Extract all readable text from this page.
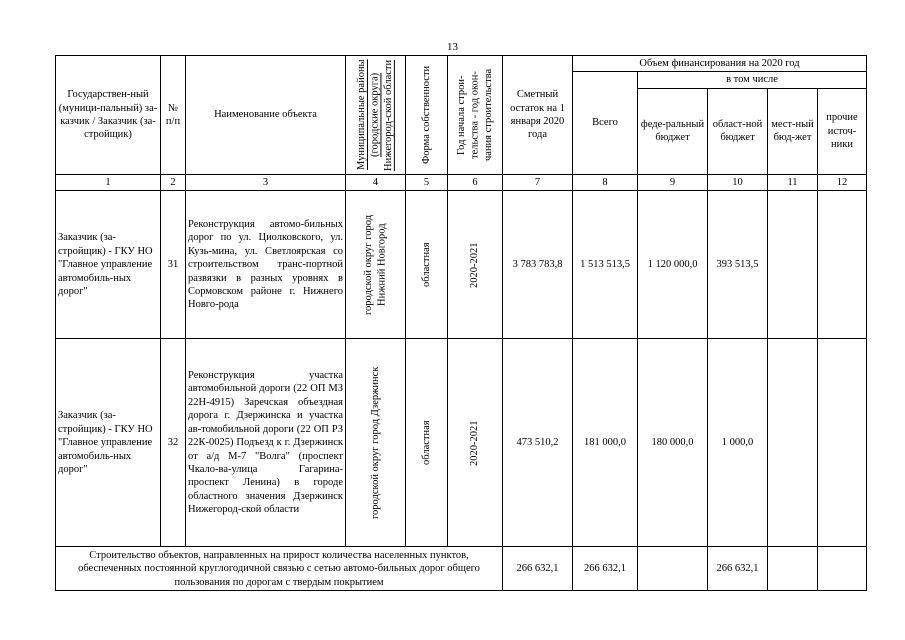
13
Государствен-ный (муници-пальный) за-казчик / Заказчик (за-стройщик)	№ п/п	Наименование объекта	Муниципальные районы (городские округа) Нижегород-ской области	Форма собственности	Год начала строи-тельства - год окон-чания строительства	Сметный остаток на 1 января 2020 года	Объем финансирования на 2020 год				
							Всего	в том числе			
								феде-ральный бюджет	област-ной бюджет	мест-ный бюд-жет	прочие источ-ники
1	2	3	4	5	6	7	8	9	10	11	12
Заказчик (за-стройщик) - ГКУ НО "Главное управление автомобиль-ных дорог"	31	Реконструкция автомо-бильных дорог по ул. Циолковского, ул. Кузь-мина, ул. Светлоярская со строительством транс-портной развязки в разных уровнях в Сормовском районе г. Нижнего Новго-рода	городской округ город Нижний Новгород	областная	2020-2021	3 783 783,8	1 513 513,5	1 120 000,0	393 513,5		
Заказчик (за-стройщик) - ГКУ НО "Главное управление автомобиль-ных дорог"	32	Реконструкция участка автомобильной дороги (22 ОП МЗ 22Н-4915) Заречская объездная дорога г. Дзержинска и участка ав-томобильной дороги (22 ОП РЗ 22К-0025) Подъезд к г. Дзержинск от а/д М-7 "Волга" (проспект Чкало-ва-улица Гагарина-проспект Ленина) в городе областного значения Дзержинск Нижегород-ской области	городской округ город Дзержинск	областная	2020-2021	473 510,2	181 000,0	180 000,0	1 000,0		
Строительство объектов, направленных на прирост количества населенных пунктов, обеспеченных постоянной круглогодичной связью с сетью автомо-бильных дорог общего пользования по дорогам с твердым покрытием						266 632,1	266 632,1		266 632,1		
